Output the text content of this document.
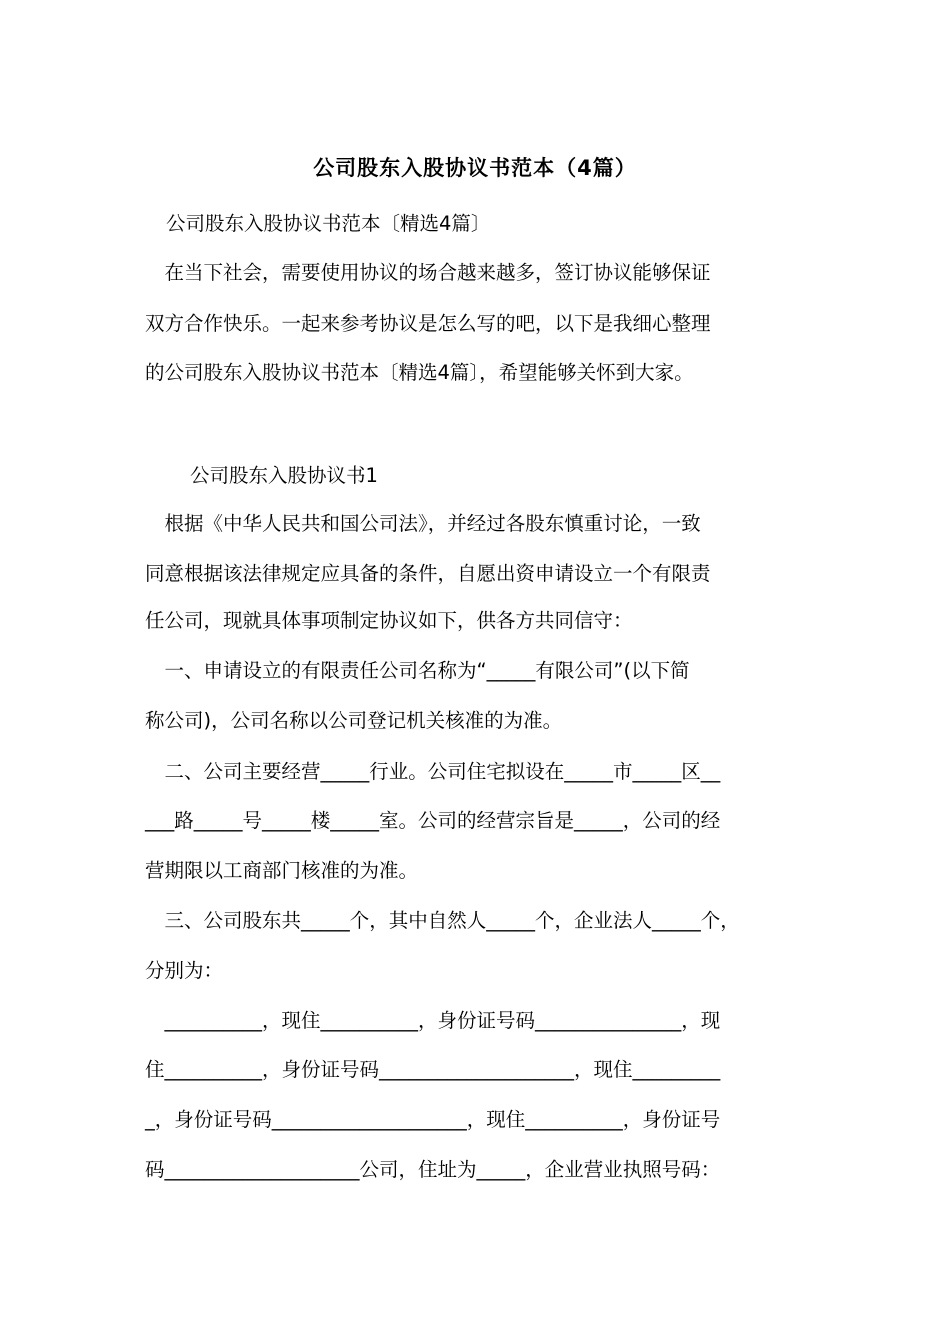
公司股东入股协议书范本（4篇）
公司股东入股协议书范本〔精选4篇〕
　在当下社会，需要使用协议的场合越来越多，签订协议能够保证
双方合作快乐。一起来参考协议是怎么写的吧，以下是我细心整理
的公司股东入股协议书范本〔精选4篇〕，希望能够关怀到大家。
公司股东入股协议书1
　根据《中华人民共和国公司法》，并经过各股东慎重讨论，一致
同意根据该法律规定应具备的条件，自愿出资申请设立一个有限责
任公司，现就具体事项制定协议如下，供各方共同信守：
　一、申请设立的有限责任公司名称为“_____有限公司”(以下简
称公司)，公司名称以公司登记机关核准的为准。
　二、公司主要经营_____行业。公司住宅拟设在_____市_____区__
___路_____号_____楼_____室。公司的经营宗旨是_____，公司的经
营期限以工商部门核准的为准。
　三、公司股东共_____个，其中自然人_____个，企业法人_____个，
分别为：
　__________，现住__________，身份证号码_______________，现
住__________，身份证号码____________________，现住_________
_，身份证号码____________________，现住__________，身份证号
码____________________公司，住址为_____，企业营业执照号码：
